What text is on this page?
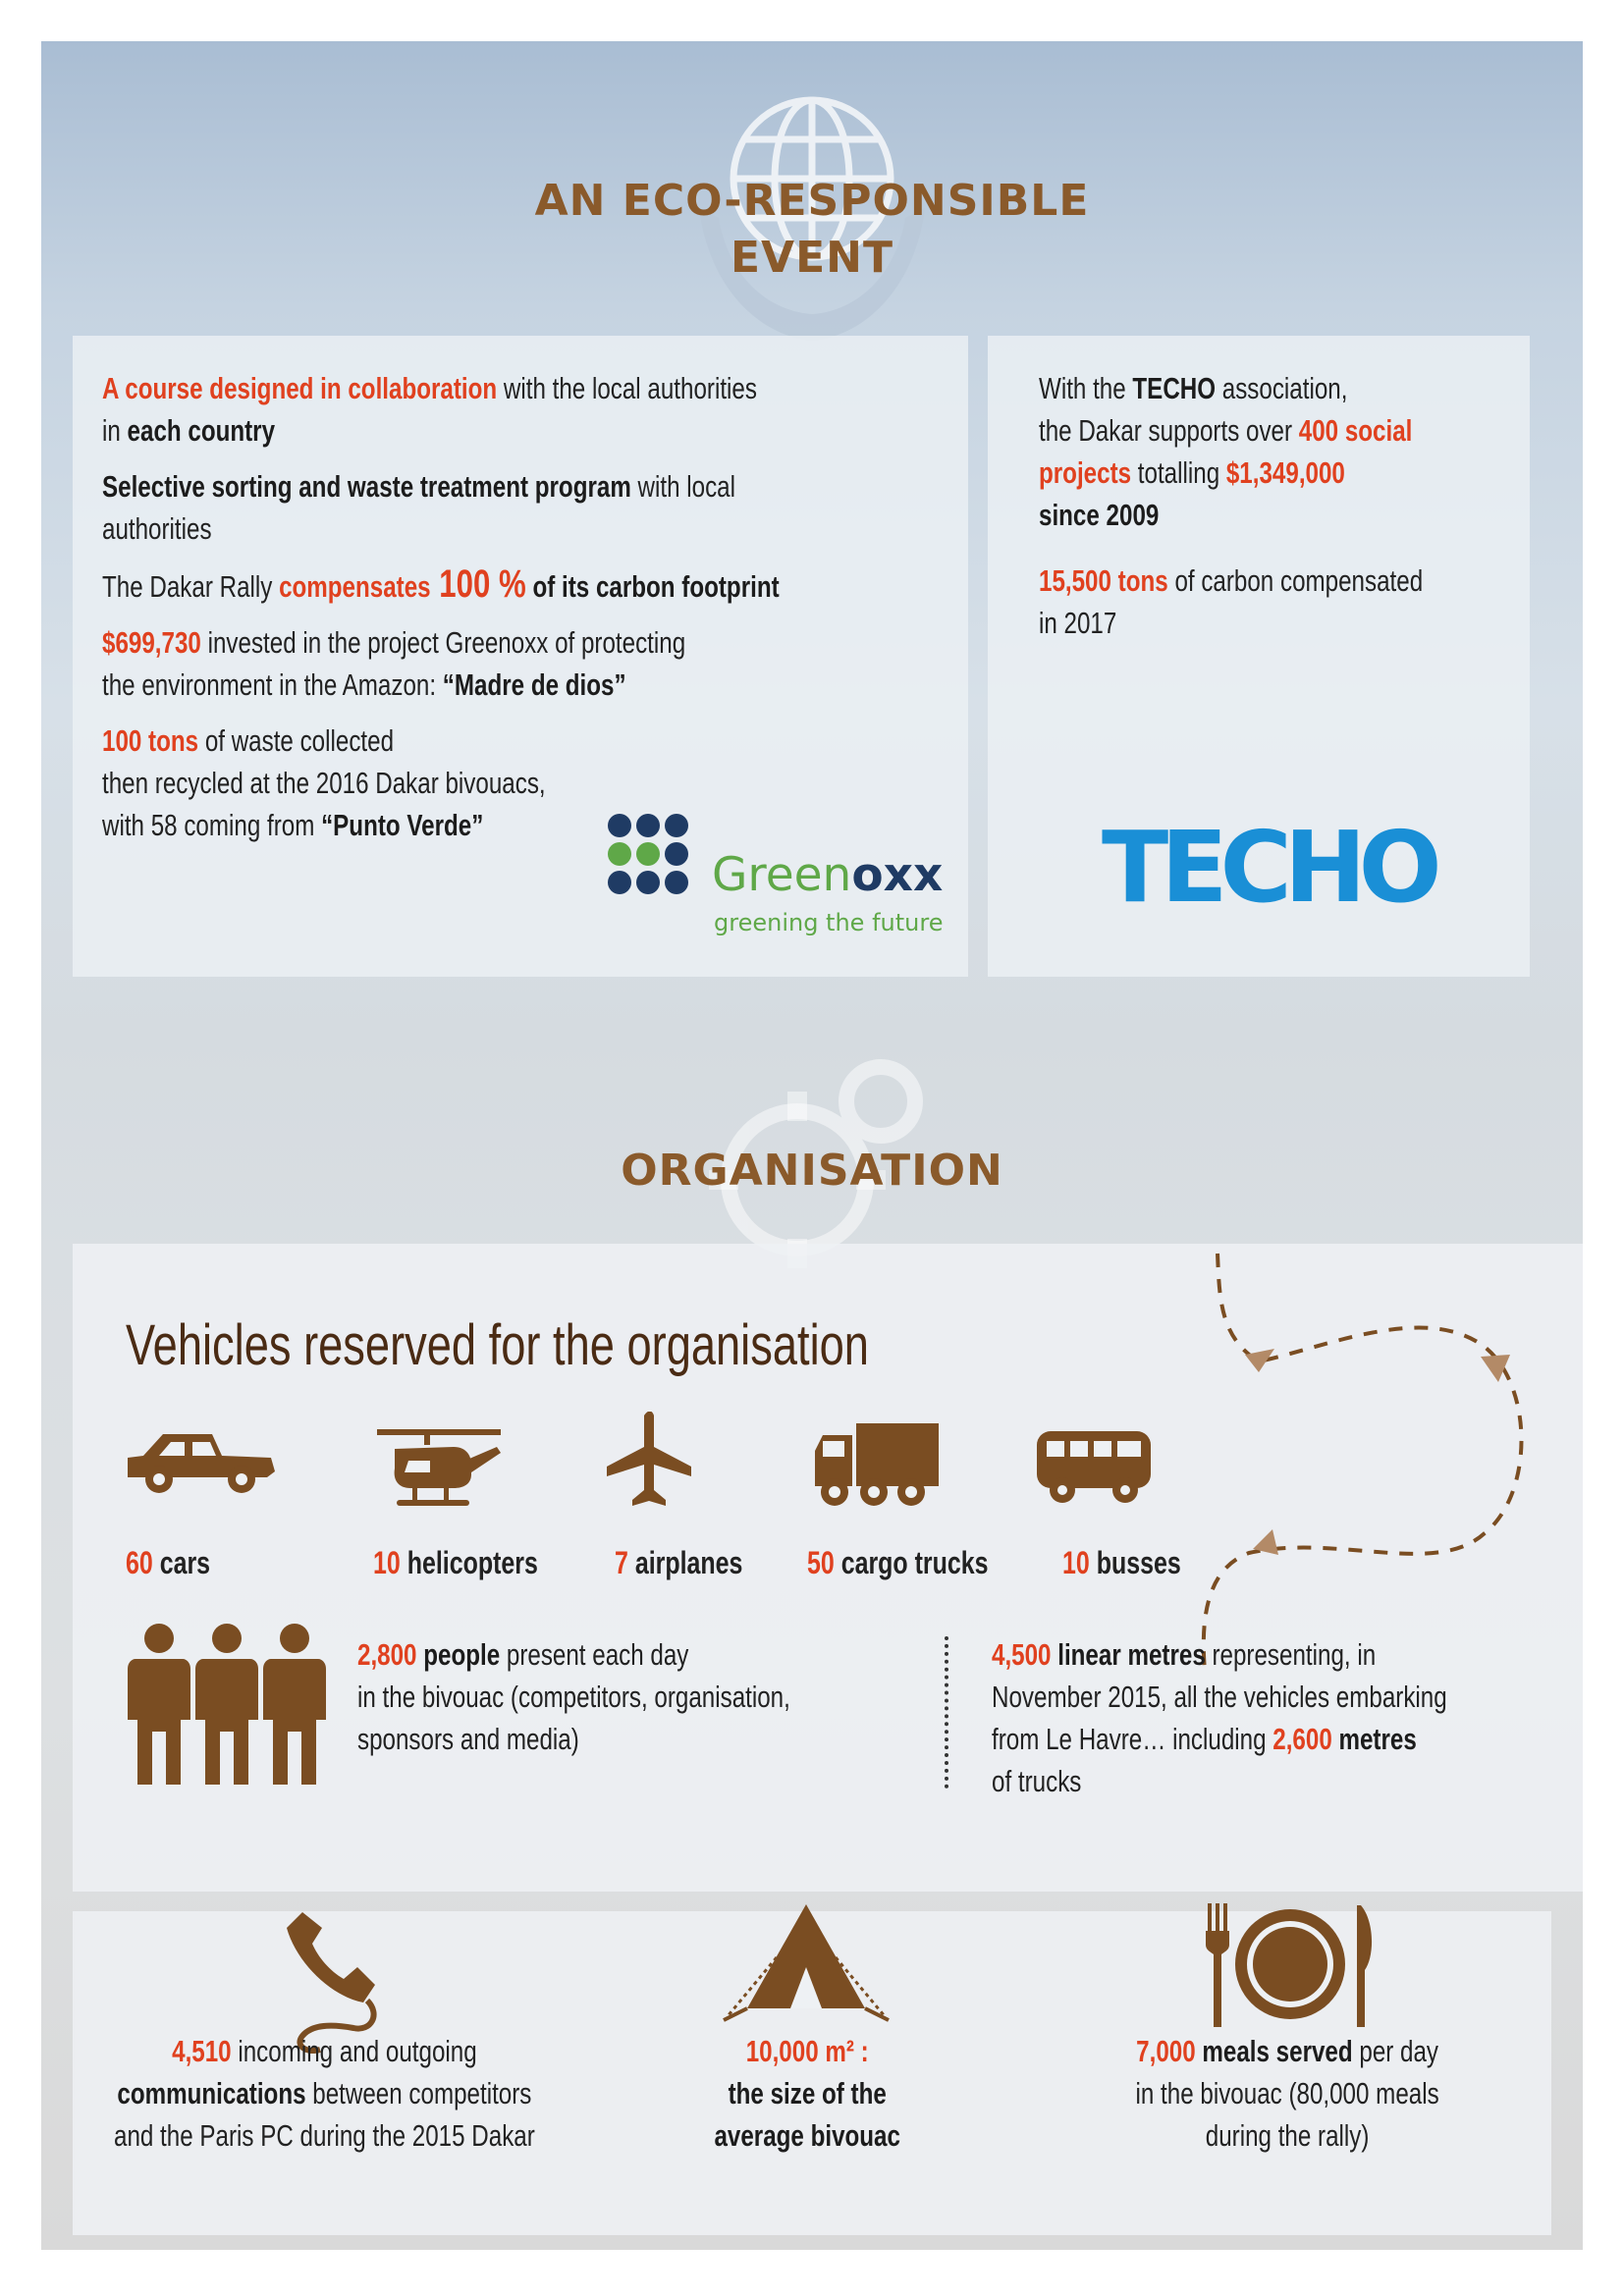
AN ECO-RESPONSIBLE
EVENT
A course designed in collaboration with the local authorities
in each country
Selective sorting and waste treatment program with local
authorities
The Dakar Rally compensates 100 % of its carbon footprint
$699,730 invested in the project Greenoxx of protecting
the environment in the Amazon: “Madre de dios”
100 tons of waste collected
then recycled at the 2016 Dakar bivouacs,
with 58 coming from “Punto Verde”
Greenoxx
greening the future
With the TECHO association,
the Dakar supports over 400 social
projects totalling $1,349,000
since 2009
15,500 tons of carbon compensated
in 2017
TECHO
ORGANISATION
Vehicles reserved for the organisation
60 cars	10 helicopters 7 airplanes 50 cargo trucks 10 busses
2,800 people present each day
in the bivouac (competitors, organisation,
sponsors and media)
4,500 linear metres representing, in
November 2015, all the vehicles embarking
from Le Havre… including 2,600 metres
of trucks
4,510 incoming and outgoing
communications between competitors
and the Paris PC during the 2015 Dakar
10,000 m² :
the size of the
average bivouac
7,000 meals served per day
in the bivouac (80,000 meals
during the rally)
